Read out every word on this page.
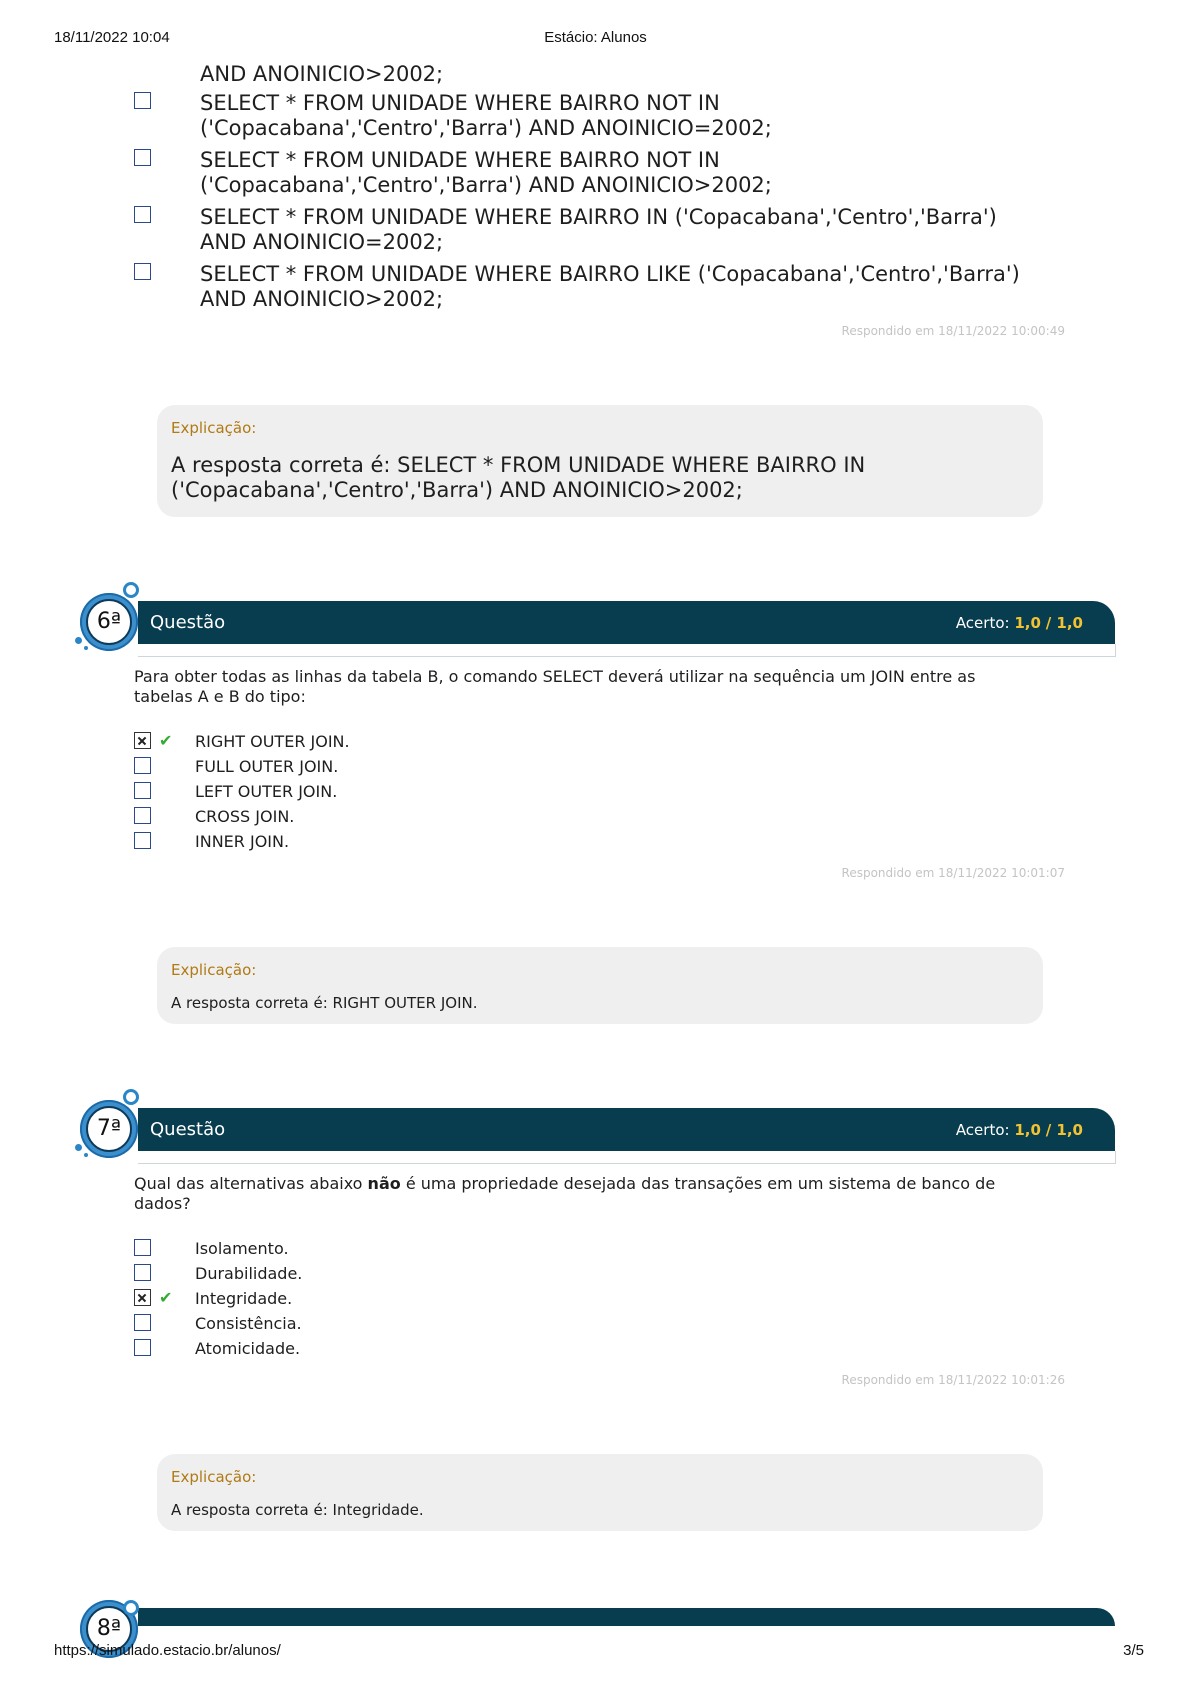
18/11/2022 10:04	Estácio: Alunos
AND ANOINICIO>2002;
SELECT * FROM UNIDADE WHERE BAIRRO NOT IN
('Copacabana','Centro','Barra') AND ANOINICIO=2002;
SELECT * FROM UNIDADE WHERE BAIRRO NOT IN
('Copacabana','Centro','Barra') AND ANOINICIO>2002;
SELECT * FROM UNIDADE WHERE BAIRRO IN ('Copacabana','Centro','Barra')
AND ANOINICIO=2002;
SELECT * FROM UNIDADE WHERE BAIRRO LIKE ('Copacabana','Centro','Barra')
AND ANOINICIO>2002;
Respondido em 18/11/2022 10:00:49
Explicação:
A resposta correta é: SELECT * FROM UNIDADE WHERE BAIRRO IN
('Copacabana','Centro','Barra') AND ANOINICIO>2002;
6ª	Questão	Acerto: 1,0 / 1,0
Para obter todas as linhas da tabela B, o comando SELECT deverá utilizar na sequência um JOIN entre as
tabelas A e B do tipo:
✔ RIGHT OUTER JOIN.
FULL OUTER JOIN.
LEFT OUTER JOIN.
CROSS JOIN.
INNER JOIN.
Respondido em 18/11/2022 10:01:07
Explicação:
A resposta correta é: RIGHT OUTER JOIN.
7ª	Questão	Acerto: 1,0 / 1,0
Qual das alternativas abaixo não é uma propriedade desejada das transações em um sistema de banco de
dados?
Isolamento.
Durabilidade.
✔ Integridade.
Consistência.
Atomicidade.
Respondido em 18/11/2022 10:01:26
Explicação:
A resposta correta é: Integridade.
8ª
https://simulado.estacio.br/alunos/	3/5
